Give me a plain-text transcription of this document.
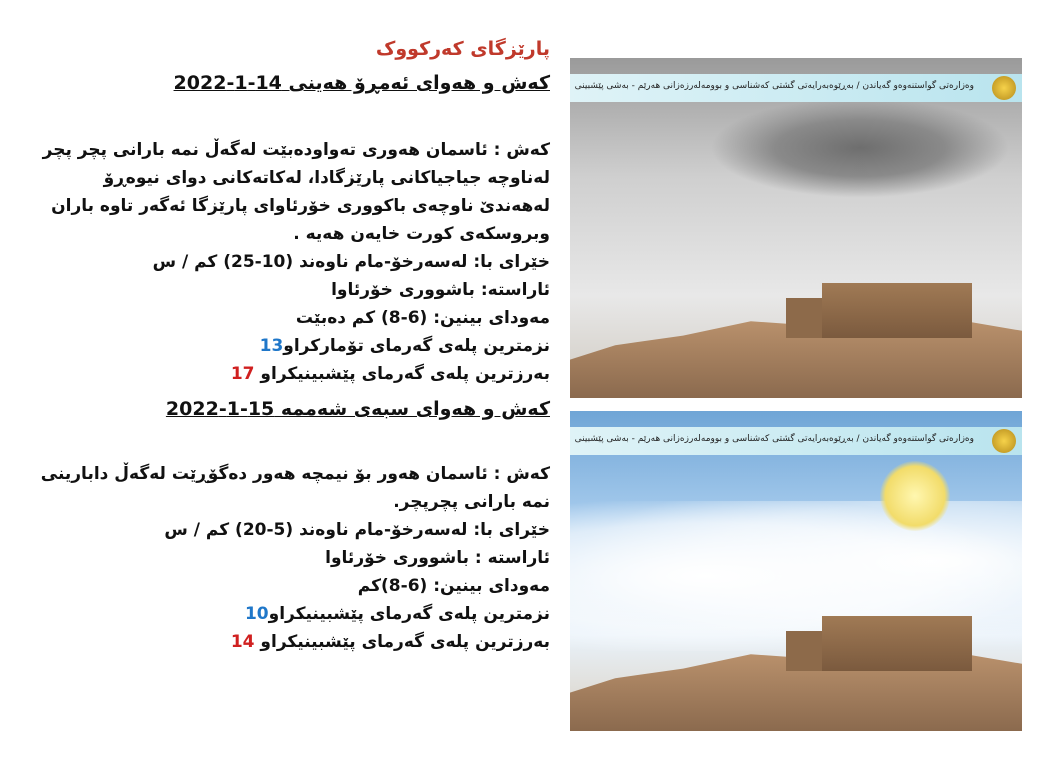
پارێزگای کەرکووک
کەش و هەوای ئەمڕۆ هەینی 14-1-2022

کەش : ئاسمان هەوری تەواودەبێت لەگەڵ نمە بارانی پچر پچر لەناوچە جیاجیاکانی پارێزگادا، لەکاتەکانی دوای نیوەڕۆ لەهەندێ ناوچەی باکووری خۆرئاوای پارێزگا ئەگەر تاوە باران وبروسکەی کورت خایەن هەیە .

خێرای با: لەسەرخۆ-مام ناوەند (10-25) کم / س

ئاراستە: باشووری خۆرئاوا

مەودای بینین: (6-8) کم دەبێت

نزمترین پلەی گەرمای تۆمارکراو13

بەرزترین پلەی گەرمای پێشبینیکراو 17

کەش و هەوای سبەی شەممە 15-1-2022

کەش : ئاسمان هەور بۆ نیمچە هەور دەگۆڕێت لەگەڵ دابارینی نمە بارانی پچرپچر.

خێرای با: لەسەرخۆ-مام ناوەند (5-20) کم / س

ئاراستە : باشووری خۆرئاوا

مەودای بینین: (6-8)کم

نزمترین پلەی گەرمای پێشبینیکراو10

بەرزترین پلەی گەرمای پێشبینیکراو 14

وەزارەتی گواستنەوەو گەیاندن / بەڕێوەبەرایەتی گشتی کەشناسی و بوومەلەرزەزانی هەرێم - بەشی پێشبینی
وەزارەتی گواستنەوەو گەیاندن / بەڕێوەبەرایەتی گشتی کەشناسی و بوومەلەرزەزانی هەرێم - بەشی پێشبینی
